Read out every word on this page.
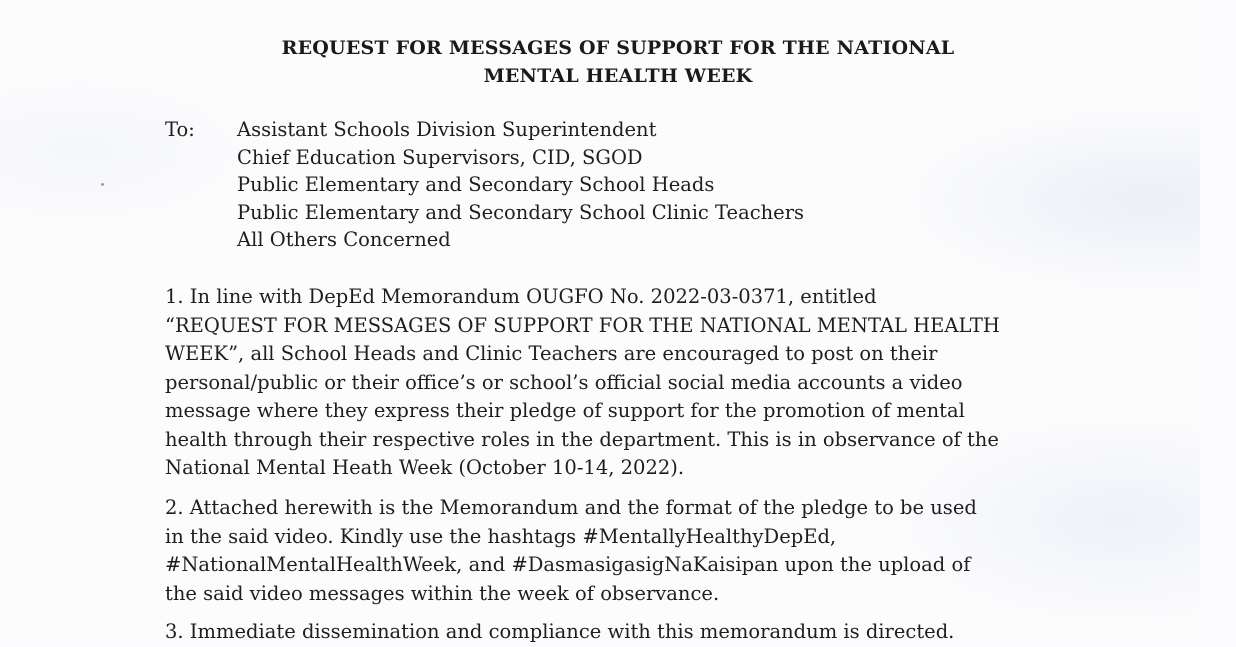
REQUEST FOR MESSAGES OF SUPPORT FOR THE NATIONAL
MENTAL HEALTH WEEK
To:	Assistant Schools Division Superintendent
Chief Education Supervisors, CID, SGOD
Public Elementary and Secondary School Heads
Public Elementary and Secondary School Clinic Teachers
All Others Concerned
1. In line with DepEd Memorandum OUGFO No. 2022-03-0371, entitled
“REQUEST FOR MESSAGES OF SUPPORT FOR THE NATIONAL MENTAL HEALTH
WEEK”, all School Heads and Clinic Teachers are encouraged to post on their
personal/public or their office’s or school’s official social media accounts a video
message where they express their pledge of support for the promotion of mental
health through their respective roles in the department. This is in observance of the
National Mental Heath Week (October 10-14, 2022).
2. Attached herewith is the Memorandum and the format of the pledge to be used
in the said video. Kindly use the hashtags #MentallyHealthyDepEd,
#NationalMentalHealthWeek, and #DasmasigasigNaKaisipan upon the upload of
the said video messages within the week of observance.
3. Immediate dissemination and compliance with this memorandum is directed.
